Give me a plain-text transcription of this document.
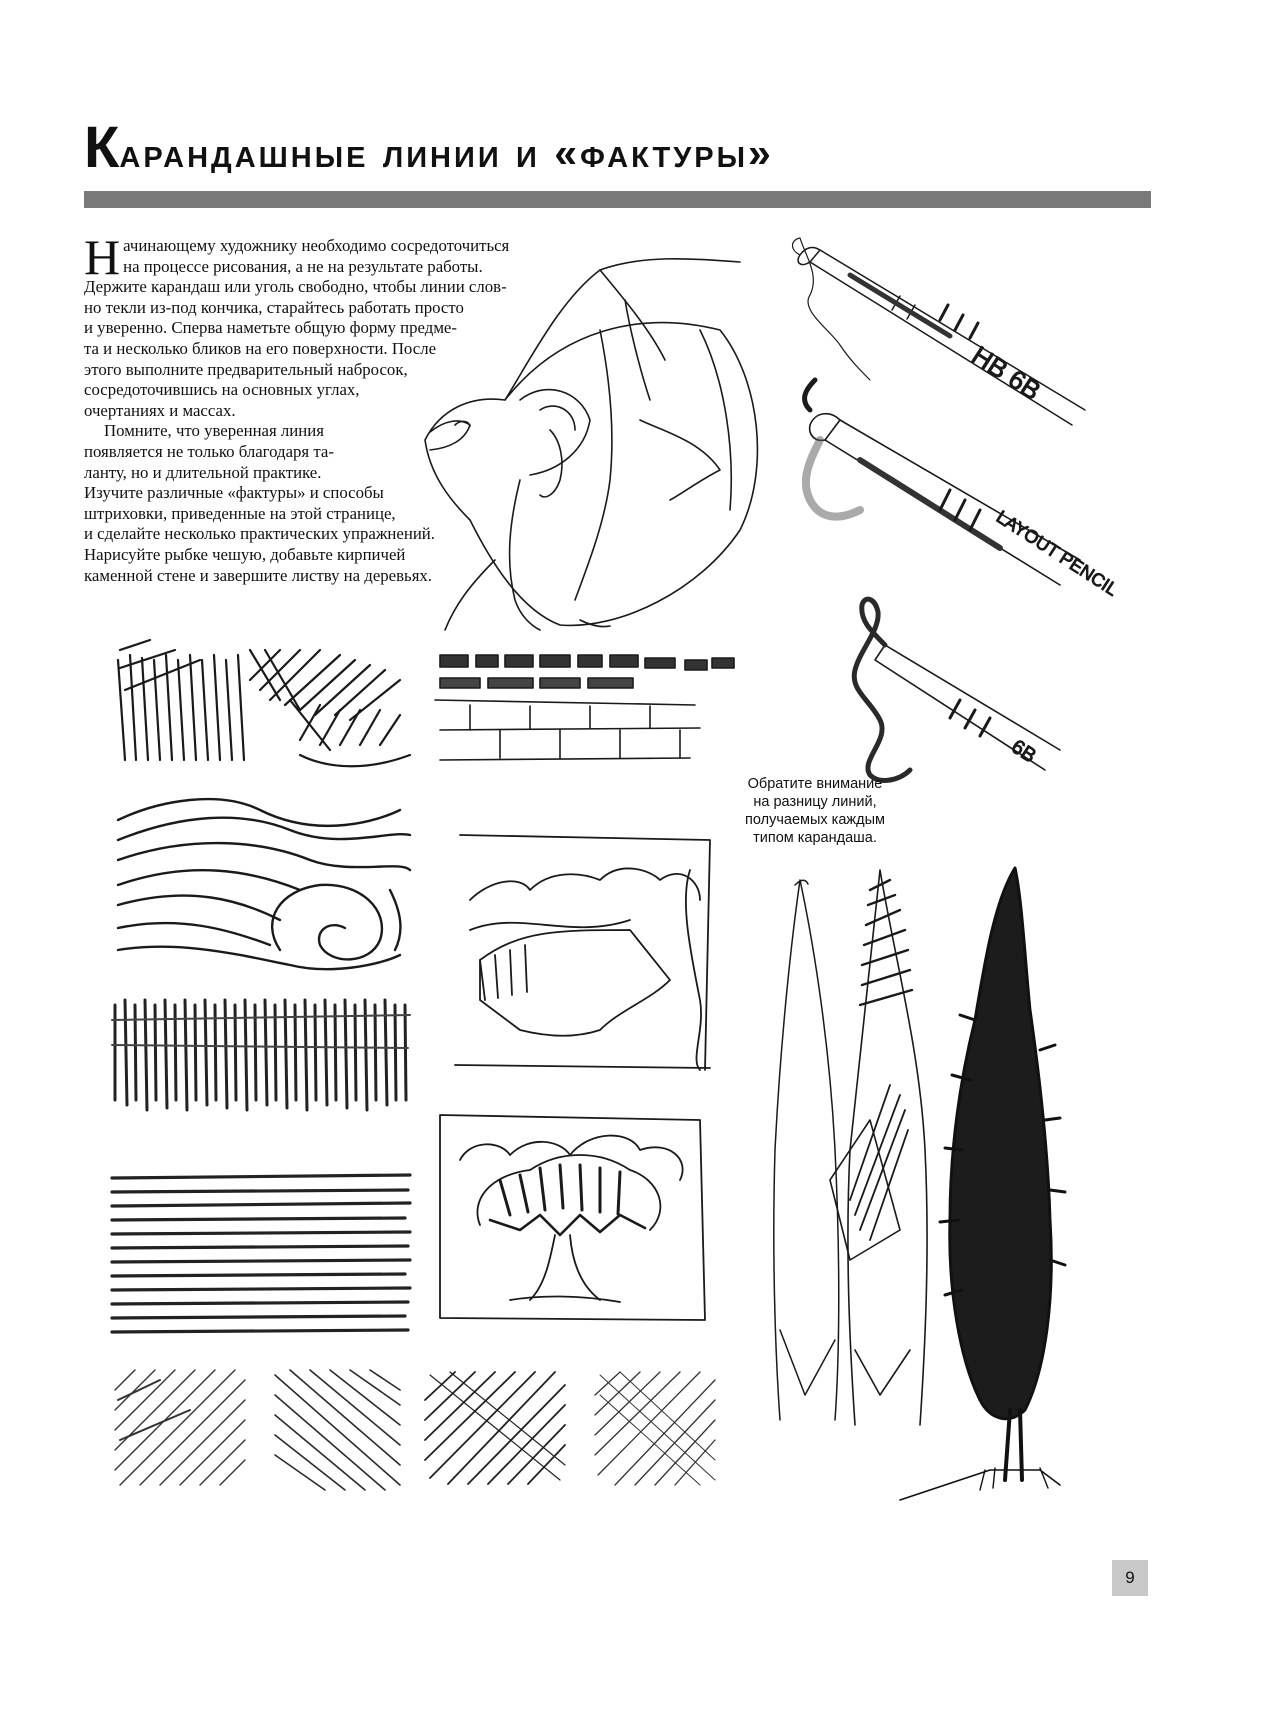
Карандашные линии и «фактуры»
HB 6B
LAYOUT PENCIL
6B

Н ачинающему художнику необходимо сосредоточиться
на процессе рисования, а не на результате работы.
Держите карандаш или уголь свободно, чтобы линии слов-
но текли из-под кончика, старайтесь работать просто
и уверенно. Сперва наметьте общую форму предме-
та и несколько бликов на его поверхности. После
этого выполните предварительный набросок,
сосредоточившись на основных углах,
очертаниях и массах.

Помните, что уверенная линия
появляется не только благодаря та-
ланту, но и длительной практике.
Изучите различные «фактуры» и способы
штриховки, приведенные на этой странице,
и сделайте несколько практических упражнений.
Нарисуйте рыбке чешую, добавьте кирпичей
каменной стене и завершите листву на деревьях.

Обратите внимание
на разницу линий,
получаемых каждым
типом карандаша.
9
